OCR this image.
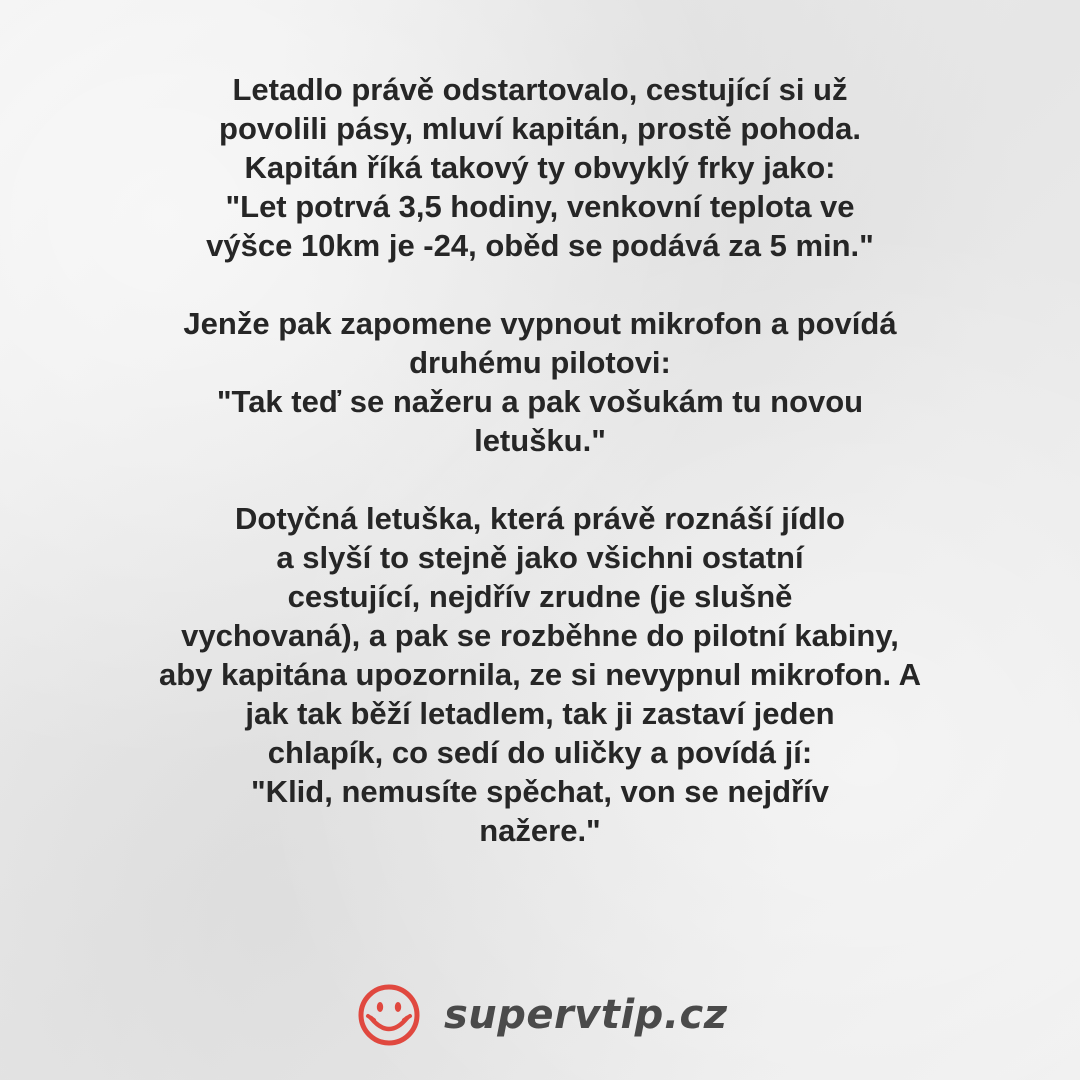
Letadlo právě odstartovalo, cestující si už
povolili pásy, mluví kapitán, prostě pohoda.
Kapitán říká takový ty obvyklý frky jako:
"Let potrvá 3,5 hodiny, venkovní teplota ve
výšce 10km je -24, oběd se podává za 5 min."

Jenže pak zapomene vypnout mikrofon a povídá
druhému pilotovi:
"Tak teď se nažeru a pak vošukám tu novou
letušku."

Dotyčná letuška, která právě roznáší jídlo
a slyší to stejně jako všichni ostatní
cestující, nejdřív zrudne (je slušně
vychovaná), a pak se rozběhne do pilotní kabiny,
aby kapitána upozornila, ze si nevypnul mikrofon. A
jak tak běží letadlem, tak ji zastaví jeden
chlapík, co sedí do uličky a povídá jí:
"Klid, nemusíte spěchat, von se nejdřív
nažere."

supervtip.cz
